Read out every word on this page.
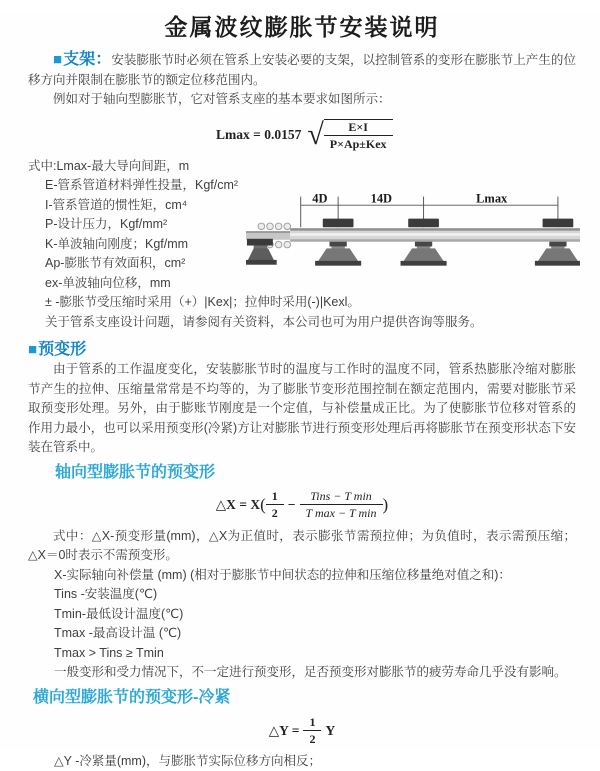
金属波纹膨胀节安装说明

■支架：安装膨胀节时必须在管系上安装必要的支架，以控制管系的变形在膨胀节上产生的位移方向并限制在膨胀节的额定位移范围内。

例如对于轴向型膨胀节，它对管系支座的基本要求如图所示：

Lmax = 0.0157 √ $\frac{E\times I}{\text{P×Ap±Kex}}$
式中:Lmax-最大导向间距，m
E-管系管道材料弹性投量，Kgf/cm²
I-管系管道的惯性矩，cm⁴
P-设计压力，Kgf/mm²
K-单波轴向刚度；Kgf/mm
Ap-膨胀节有效面积，cm²
ex-单波轴向位移，mm
± -膨胀节受压缩时采用（+）|Kex|；拉伸时采用(-)|Kexl。
关于管系支座设计问题，请参阅有关资料，本公司也可为用户提供咨询等服务。
4D	14D	Lmax
■预变形

由于管系的工作温度变化，安装膨胀节时的温度与工作时的温度不同，管系热膨胀冷缩对膨胀节产生的拉伸、压缩量常常是不均等的，为了膨胀节变形范围控制在额定范围内，需要对膨胀节采取预变形处理。另外，由于膨账节刚度是一个定值，与补偿量成正比。为了使膨胀节位移对管系的作用力最小，也可以采用预变形(冷紧)方让对膨胀节进行预变形处理后再将膨胀节在预变形状态下安装在管系中。

轴向型膨胀节的预变形
△X = X ( $\frac{1}{2} - \frac{\text{Tins − T min}}{\text{T max − T min}}$ )

式中：△X-预变形量(mm)，△X为正值时，表示膨张节需预拉伸；为负值时，表示需预压缩；△X＝0时表示不需预变形。

X-实际轴向补偿量 (mm) (相对于膨胀节中间状态的拉伸和压缩位移量绝对值之和)：
Tins -安装温度(℃)
Tmin-最低设计温度(℃)
Tmax -最高设计温 (℃)
Tmax > Tins ≥ Tmin
一般变形和受力情况下，不一定进行预变形，足否预变形对膨胀节的疲劳寿命几乎没有影响。
横向型膨胀节的预变形-冷紧
△Y = $\frac{1}{2}$ Y
△Y -冷紧量(mm)，与膨胀节实际位移方向相反；
